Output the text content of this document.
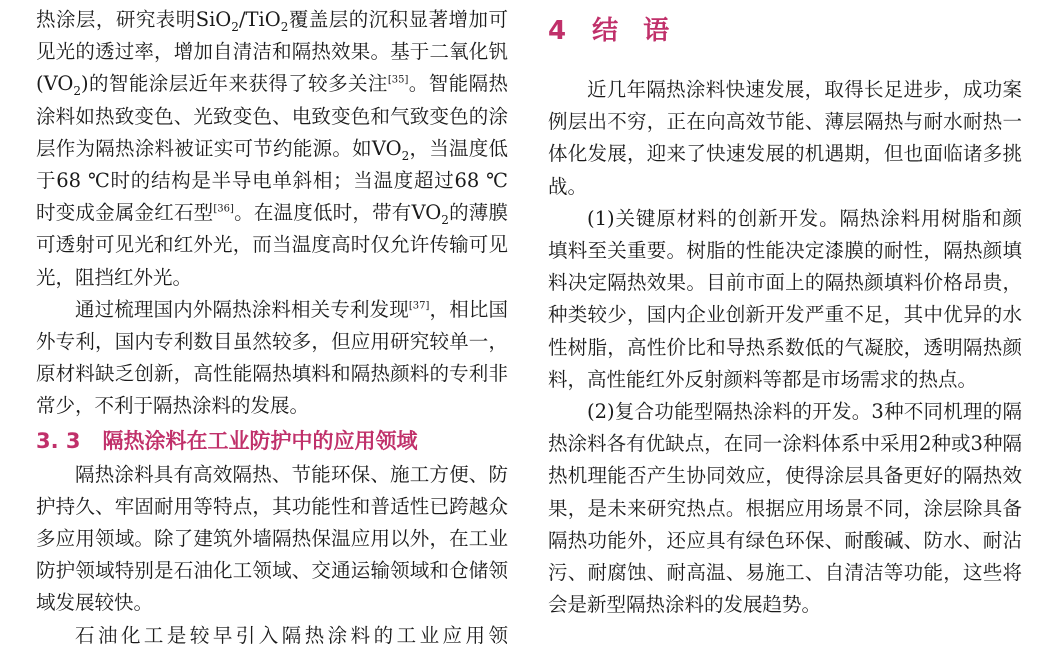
热涂层，研究表明SiO$_2$/TiO$_2$覆盖层的沉积显著增加可见光的透过率，增加自清洁和隔热效果。基于二氧化钒$(VO_2)$的智能涂层近年来获得了较多关注[35]。智能隔热涂料如热致变色、光致变色、电致变色和气致变色的涂层作为隔热涂料被证实可节约能源。如$VO_2$，当温度低于68 ℃时的结构是半导电单斜相；当温度超过68 ℃时变成金属金红石型[36]。在温度低时，带有$VO_2$的薄膜可透射可见光和红外光，而当温度高时仅允许传输可见光，阻挡红外光。

通过梳理国内外隔热涂料相关专利发现[37]，相比国外专利，国内专利数目虽然较多，但应用研究较单一，原材料缺乏创新，高性能隔热填料和隔热颜料的专利非常少，不利于隔热涂料的发展。

3. 3 隔热涂料在工业防护中的应用领域

隔热涂料具有高效隔热、节能环保、施工方便、防护持久、牢固耐用等特点，其功能性和普适性已跨越众多应用领域。除了建筑外墙隔热保温应用以外，在工业防护领域特别是石油化工领域、交通运输领域和仓储领域发展较快。

石油化工是较早引入隔热涂料的工业应用领

4 结 语

近几年隔热涂料快速发展，取得长足进步，成功案例层出不穷，正在向高效节能、薄层隔热与耐水耐热一体化发展，迎来了快速发展的机遇期，但也面临诸多挑战。

(1)关键原材料的创新开发。隔热涂料用树脂和颜填料至关重要。树脂的性能决定漆膜的耐性，隔热颜填料决定隔热效果。目前市面上的隔热颜填料价格昂贵，种类较少，国内企业创新开发严重不足，其中优异的水性树脂，高性价比和导热系数低的气凝胶，透明隔热颜料，高性能红外反射颜料等都是市场需求的热点。

(2)复合功能型隔热涂料的开发。3种不同机理的隔热涂料各有优缺点，在同一涂料体系中采用2种或3种隔热机理能否产生协同效应，使得涂层具备更好的隔热效果，是未来研究热点。根据应用场景不同，涂层除具备隔热功能外，还应具有绿色环保、耐酸碱、防水、耐沾污、耐腐蚀、耐高温、易施工、自清洁等功能，这些将会是新型隔热涂料的发展趋势。
